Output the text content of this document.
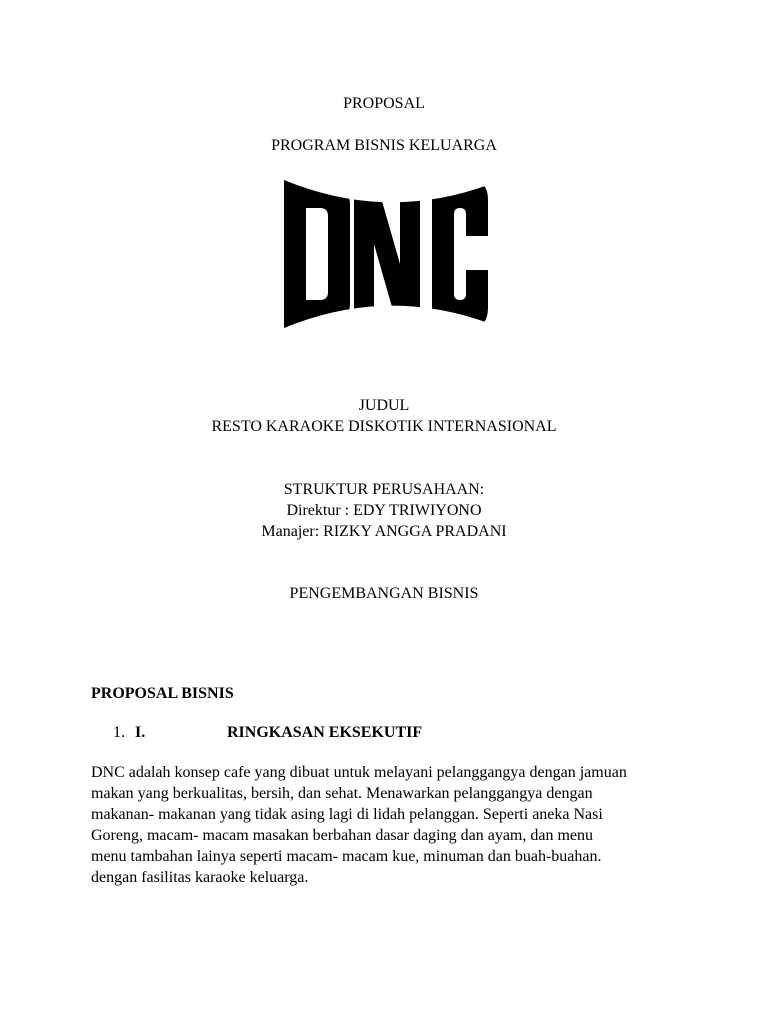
PROPOSAL
PROGRAM BISNIS KELUARGA
JUDUL
RESTO KARAOKE DISKOTIK INTERNASIONAL
STRUKTUR PERUSAHAAN:
Direktur : EDY TRIWIYONO
Manajer: RIZKY ANGGA PRADANI
PENGEMBANGAN BISNIS
PROPOSAL BISNIS
1. I.	RINGKASAN EKSEKUTIF
DNC adalah konsep cafe yang dibuat untuk melayani pelanggangya dengan jamuan
makan yang berkualitas, bersih, dan sehat. Menawarkan pelanggangya dengan
makanan- makanan yang tidak asing lagi di lidah pelanggan. Seperti aneka Nasi
Goreng, macam- macam masakan berbahan dasar daging dan ayam, dan menu
menu tambahan lainya seperti macam- macam kue, minuman dan buah-buahan.
dengan fasilitas karaoke keluarga.
